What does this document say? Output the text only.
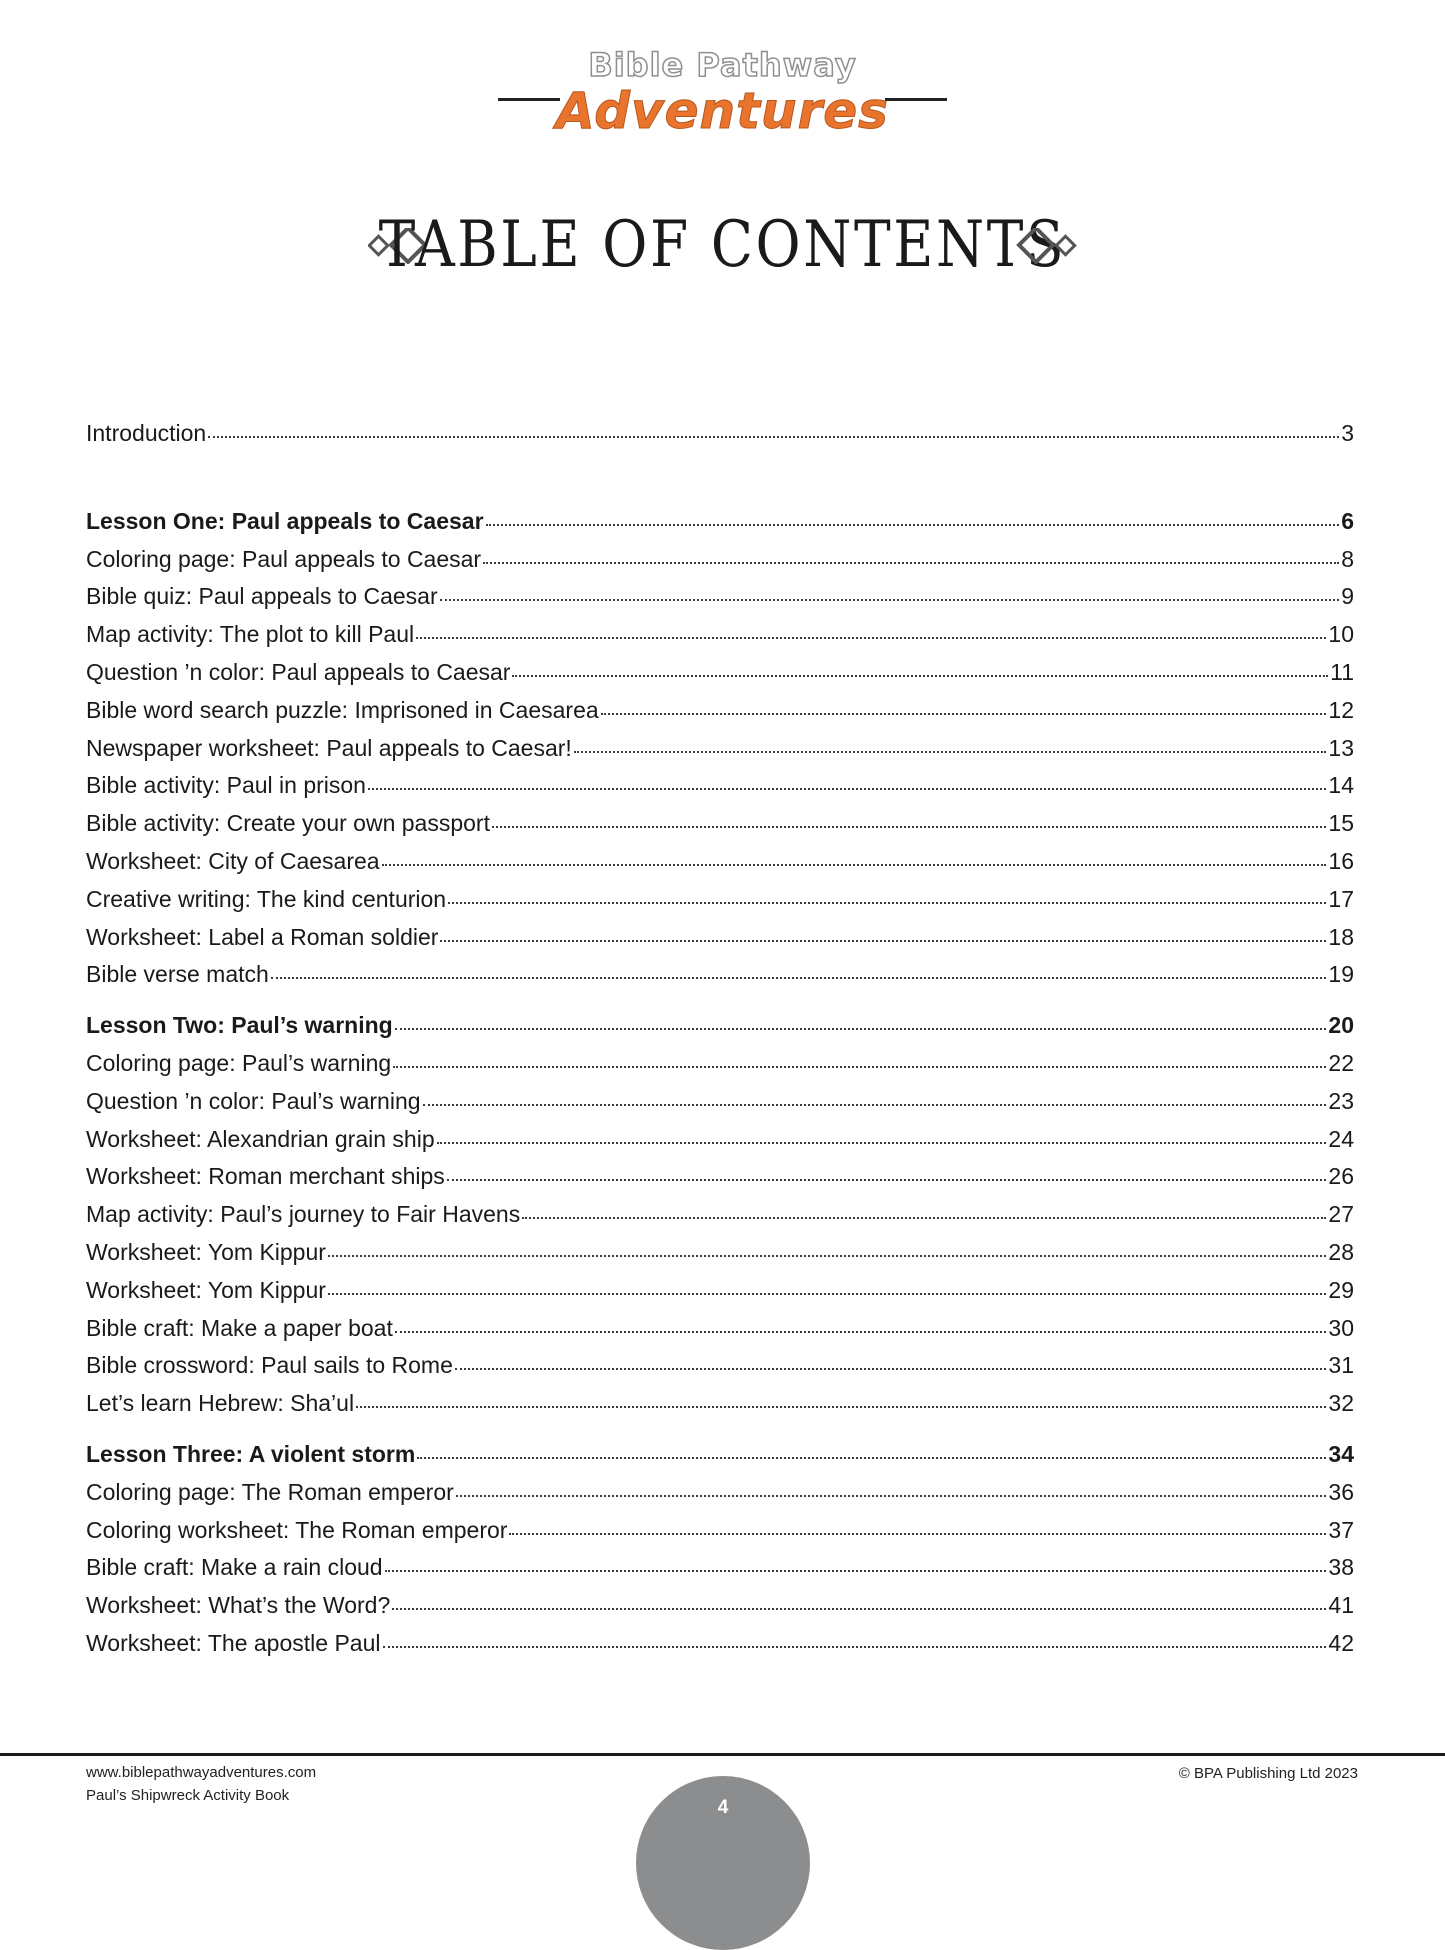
Bible Pathway
Adventures
TABLE OF CONTENTS
Introduction	3
Lesson One: Paul appeals to Caesar	6
Coloring page: Paul appeals to Caesar	8
Bible quiz: Paul appeals to Caesar	9
Map activity: The plot to kill Paul	10
Question ’n color: Paul appeals to Caesar	11
Bible word search puzzle: Imprisoned in Caesarea	12
Newspaper worksheet: Paul appeals to Caesar!	13
Bible activity: Paul in prison	14
Bible activity: Create your own passport	15
Worksheet: City of Caesarea	16
Creative writing: The kind centurion	17
Worksheet: Label a Roman soldier	18
Bible verse match	19
Lesson Two: Paul’s warning	20
Coloring page: Paul’s warning	22
Question ’n color: Paul’s warning	23
Worksheet: Alexandrian grain ship	24
Worksheet: Roman merchant ships	26
Map activity: Paul’s journey to Fair Havens	27
Worksheet: Yom Kippur	28
Worksheet: Yom Kippur	29
Bible craft: Make a paper boat	30
Bible crossword: Paul sails to Rome	31
Let’s learn Hebrew: Sha’ul	32
Lesson Three: A violent storm	34
Coloring page: The Roman emperor	36
Coloring worksheet: The Roman emperor	37
Bible craft: Make a rain cloud	38
Worksheet: What’s the Word?	41
Worksheet: The apostle Paul	42
www.biblepathwayadventures.com
Paul’s Shipwreck Activity Book
© BPA Publishing Ltd 2023
4
